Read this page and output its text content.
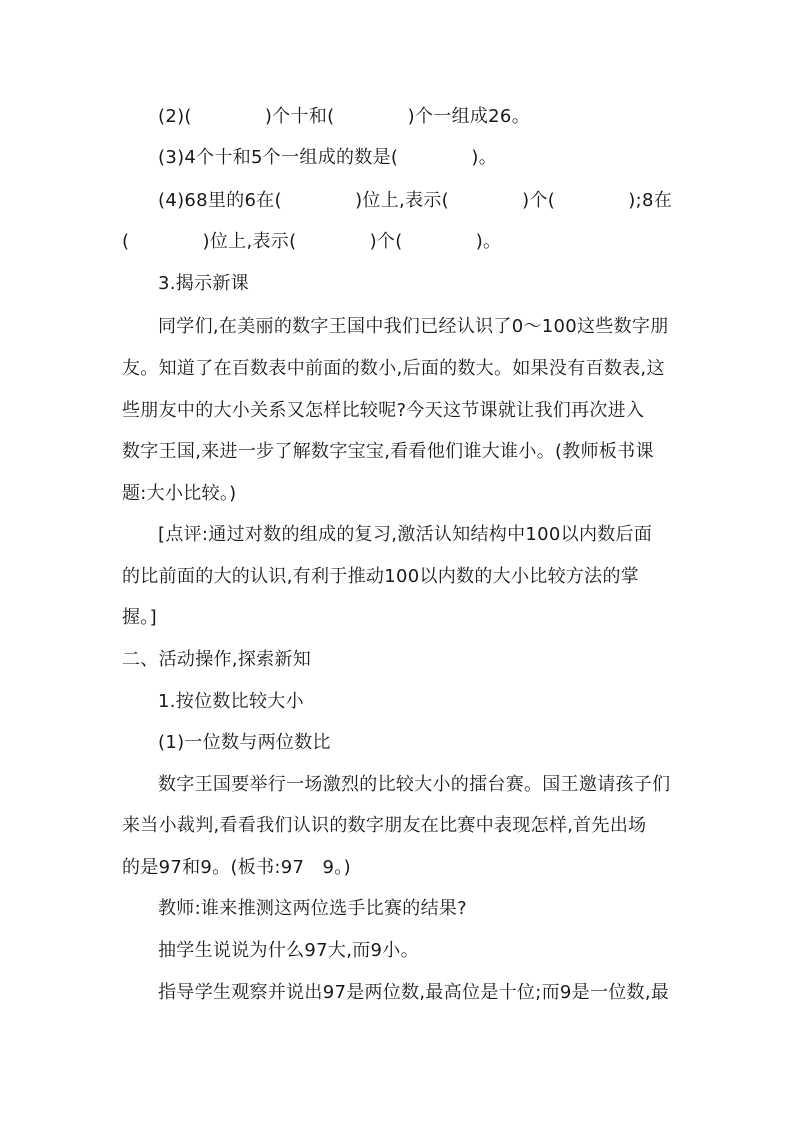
(2)(　　　　)个十和(　　　　)个一组成26。
(3)4个十和5个一组成的数是(　　　　)。
(4)68里的6在(　　　　)位上,表示(　　　　)个(　　　　);8在
(　　　　)位上,表示(　　　　)个(　　　　)。
3.揭示新课
同学们,在美丽的数字王国中我们已经认识了0～100这些数字朋
友。知道了在百数表中前面的数小,后面的数大。如果没有百数表,这
些朋友中的大小关系又怎样比较呢?今天这节课就让我们再次进入
数字王国,来进一步了解数字宝宝,看看他们谁大谁小。(教师板书课
题:大小比较。)
[点评:通过对数的组成的复习,激活认知结构中100以内数后面
的比前面的大的认识,有利于推动100以内数的大小比较方法的掌
握。]
二、活动操作,探索新知
1.按位数比较大小
(1)一位数与两位数比
数字王国要举行一场激烈的比较大小的擂台赛。国王邀请孩子们
来当小裁判,看看我们认识的数字朋友在比赛中表现怎样,首先出场
的是97和9。(板书:97　9。)
教师:谁来推测这两位选手比赛的结果?
抽学生说说为什么97大,而9小。
指导学生观察并说出97是两位数,最高位是十位;而9是一位数,最
